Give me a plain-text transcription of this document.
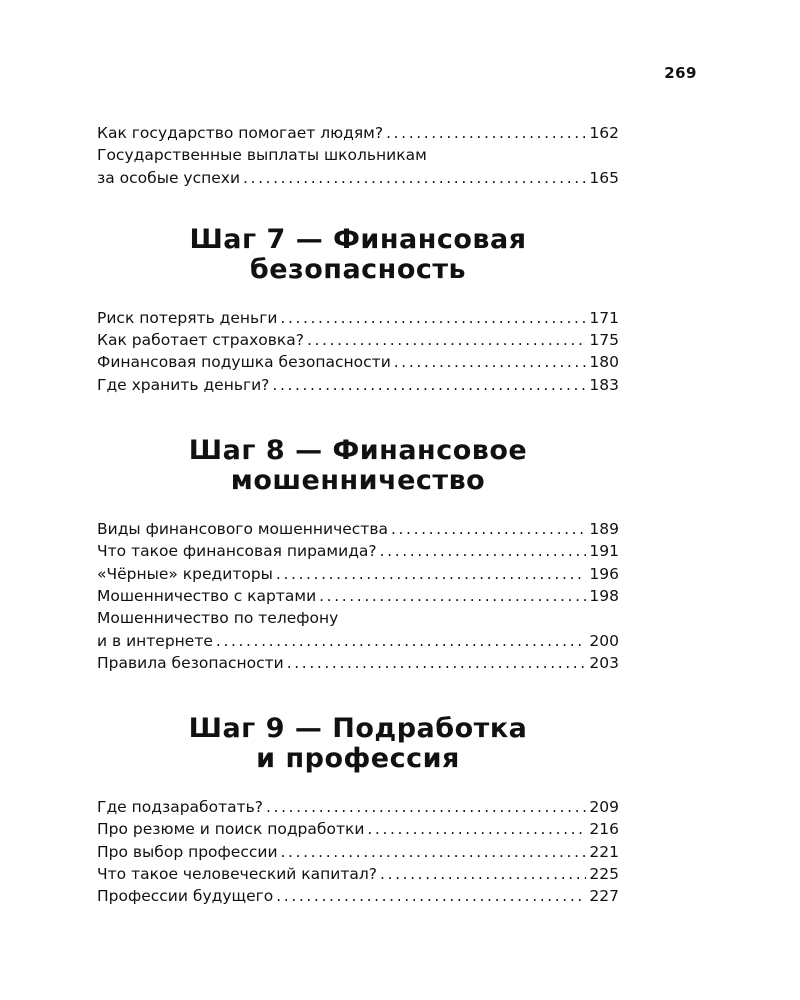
269
Как государство помогает людям? .....	162
Государственные выплаты школьникам
за особые успехи .....	165
Шаг 7 — Финансовая
безопасность
Риск потерять деньги .....	171
Как работает страховка? .....	175
Финансовая подушка безопасности .....	180
Где хранить деньги? .....	183
Шаг 8 — Финансовое
мошенничество
Виды финансового мошенничества .....	189
Что такое финансовая пирамида? .....	191
«Чёрные» кредиторы .....	196
Мошенничество с картами .....	198
Мошенничество по телефону
и в интернете .....	200
Правила безопасности .....	203
Шаг 9 — Подработка
и профессия
Где подзаработать? .....	209
Про резюме и поиск подработки .....	216
Про выбор профессии .....	221
Что такое человеческий капитал? .....	225
Профессии будущего .....	227
